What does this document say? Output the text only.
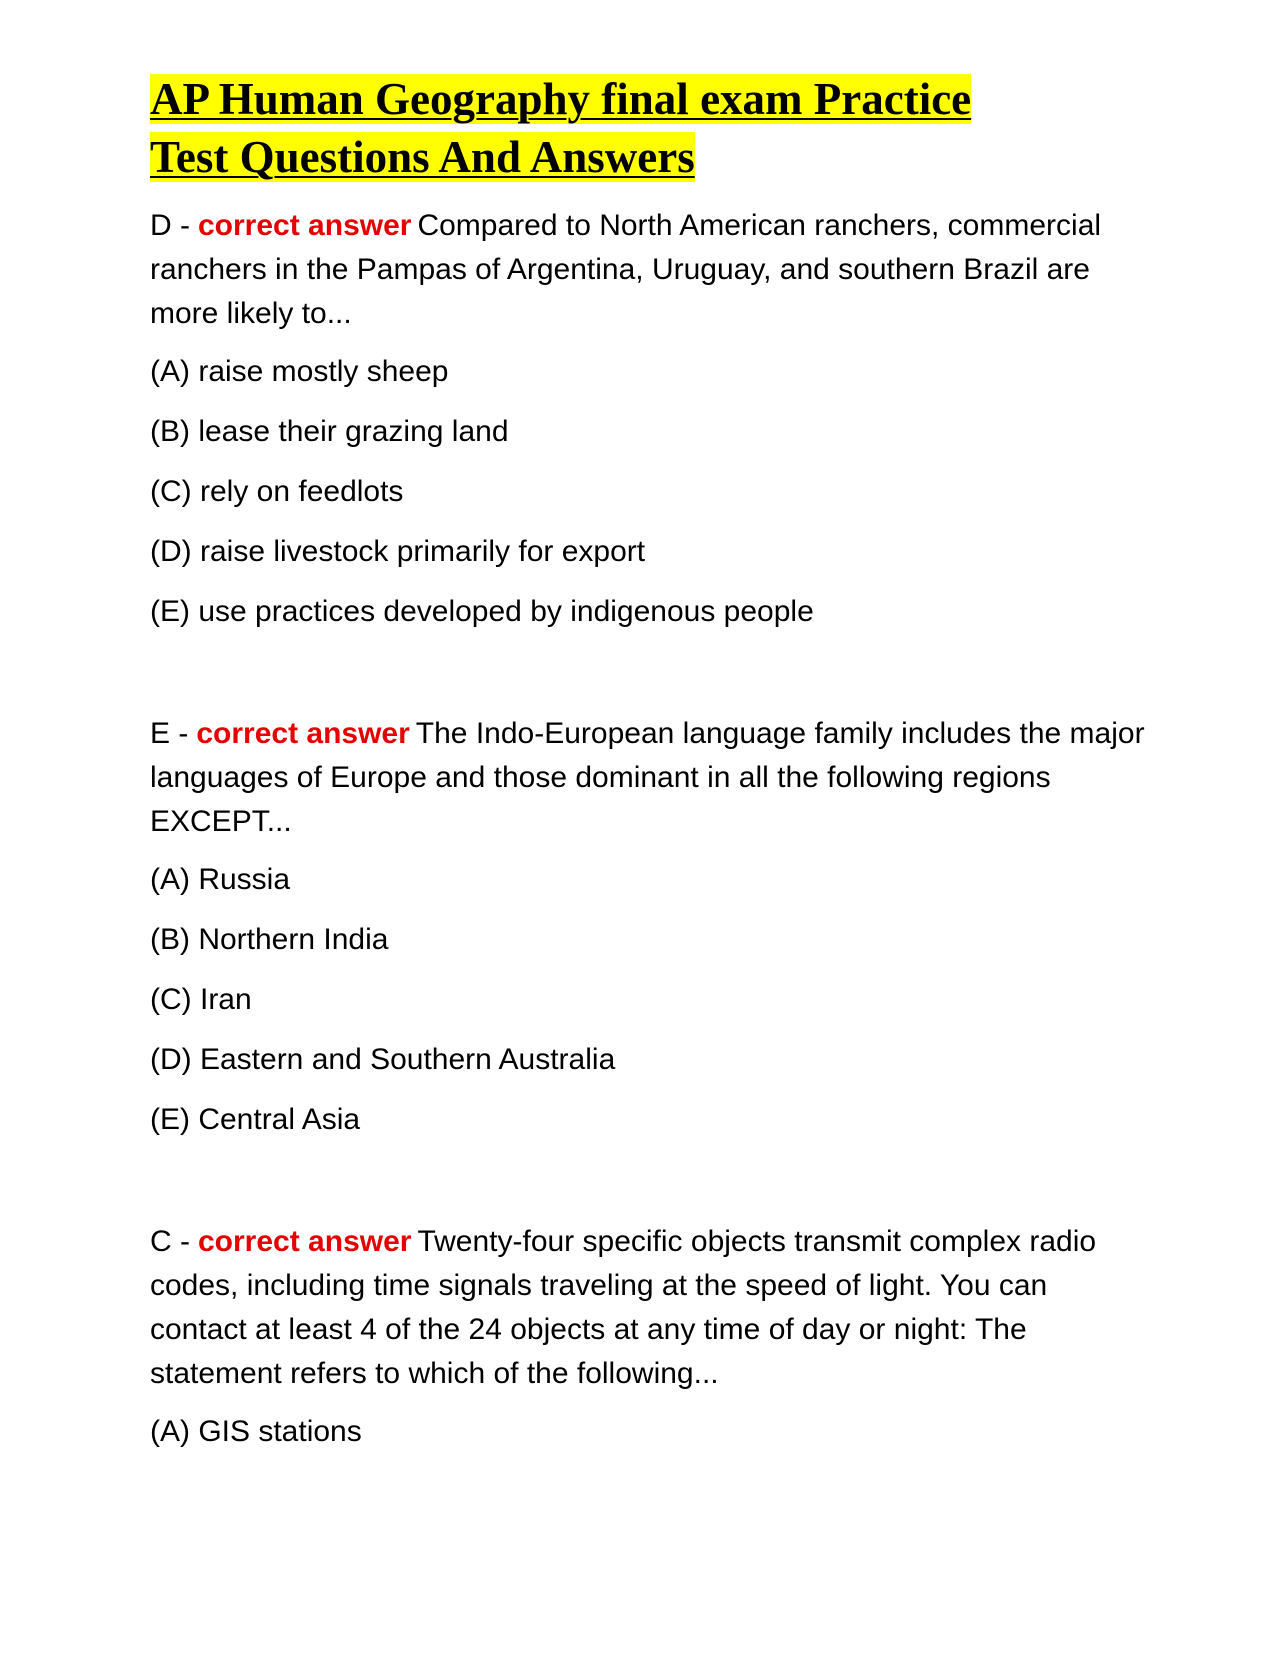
AP Human Geography final exam Practice
Test Questions And Answers

D - correct answer Compared to North American ranchers, commercial ranchers in the Pampas of Argentina, Uruguay, and southern Brazil are more likely to...

(A) raise mostly sheep

(B) lease their grazing land

(C) rely on feedlots

(D) raise livestock primarily for export

(E) use practices developed by indigenous people

E - correct answer The Indo-European language family includes the major languages of Europe and those dominant in all the following regions EXCEPT...

(A) Russia

(B) Northern India

(C) Iran

(D) Eastern and Southern Australia

(E) Central Asia

C - correct answer Twenty-four specific objects transmit complex radio codes, including time signals traveling at the speed of light. You can contact at least 4 of the 24 objects at any time of day or night: The statement refers to which of the following...

(A) GIS stations
